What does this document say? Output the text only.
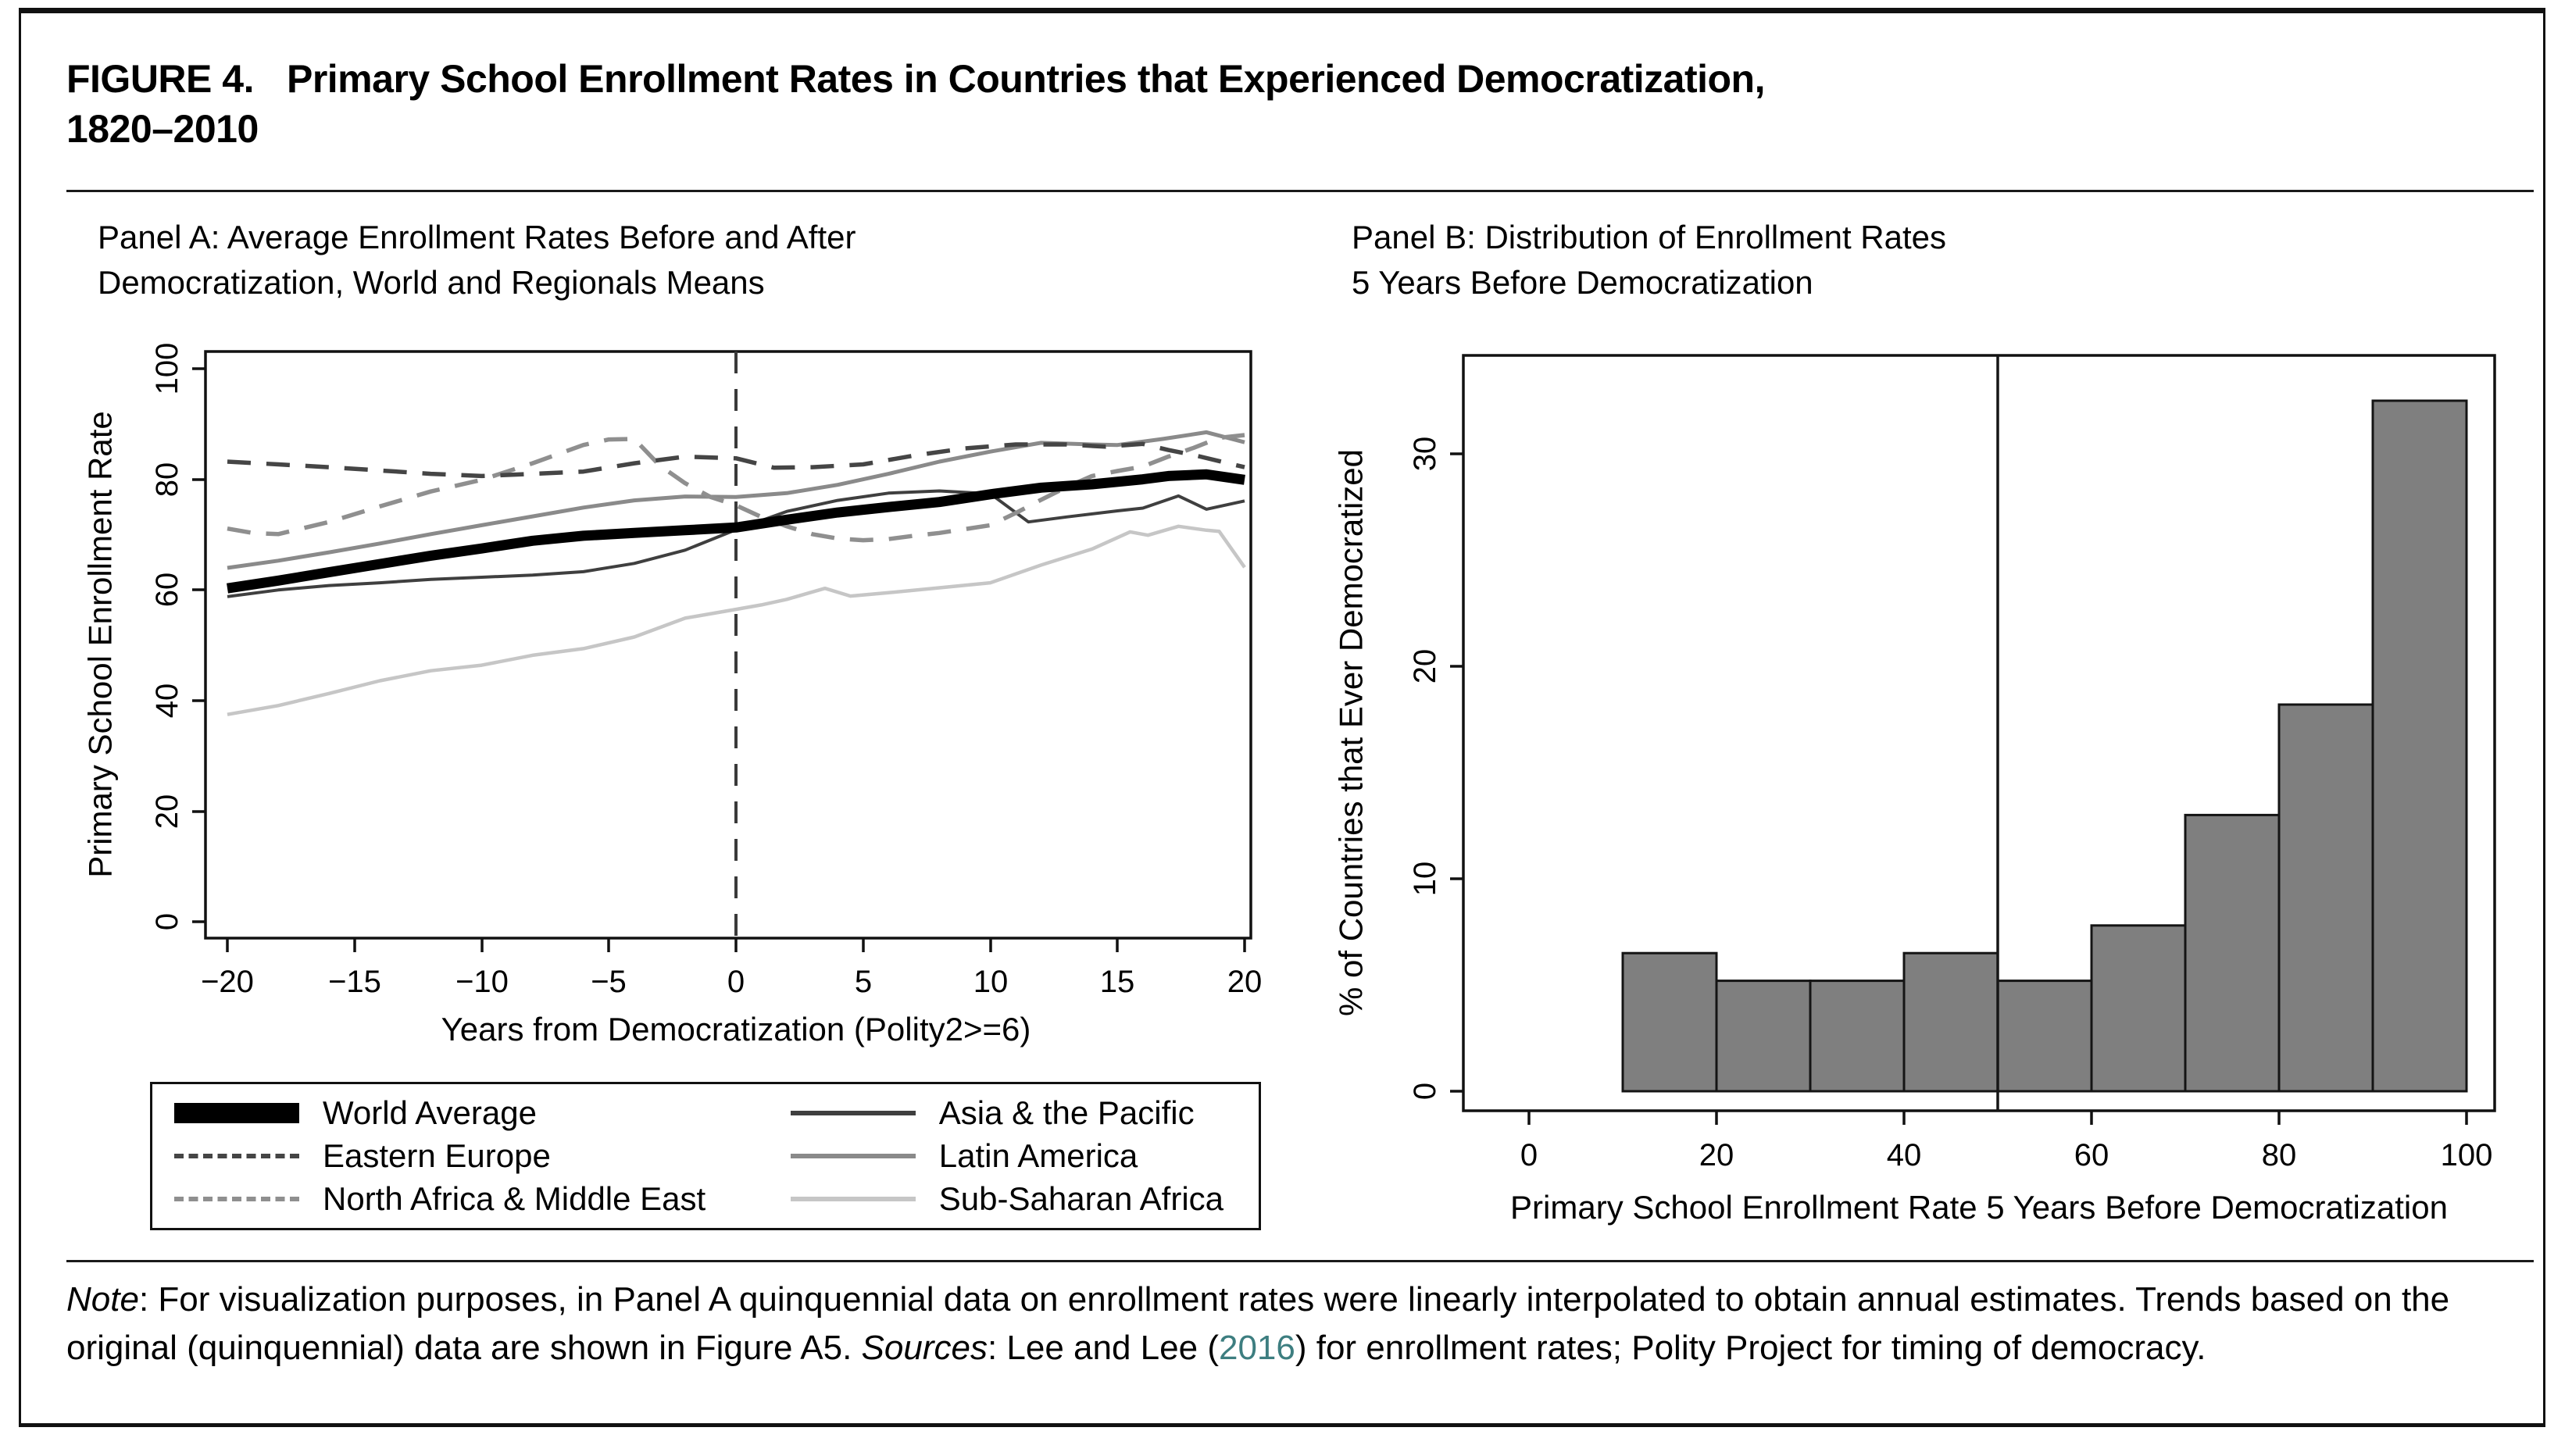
FIGURE 4. Primary School Enrollment Rates in Countries that Experienced Democratization,
1820–2010
Panel A: Average Enrollment Rates Before and After
Democratization, World and Regionals Means
Panel B: Distribution of Enrollment Rates
5 Years Before Democratization
0
20
40
60
80
100
Primary School Enrollment Rate
−20 −15 −10	−5	0	5	10	15	20
Years from Democratization (Polity2>=6)
World Average
Eastern Europe
North Africa & Middle East
Asia & the Pacific
Latin America
Sub-Saharan Africa
0
10
20
30
% of Countries that Ever Democratized
0	20	40	60	80	100
Primary School Enrollment Rate 5 Years Before Democratization
Note: For visualization purposes, in Panel A quinquennial data on enrollment rates were linearly interpolated to obtain annual estimates. Trends based on the original (quinquennial) data are shown in Figure A5. Sources: Lee and Lee (2016) for enrollment rates; Polity Project for timing of democracy.
